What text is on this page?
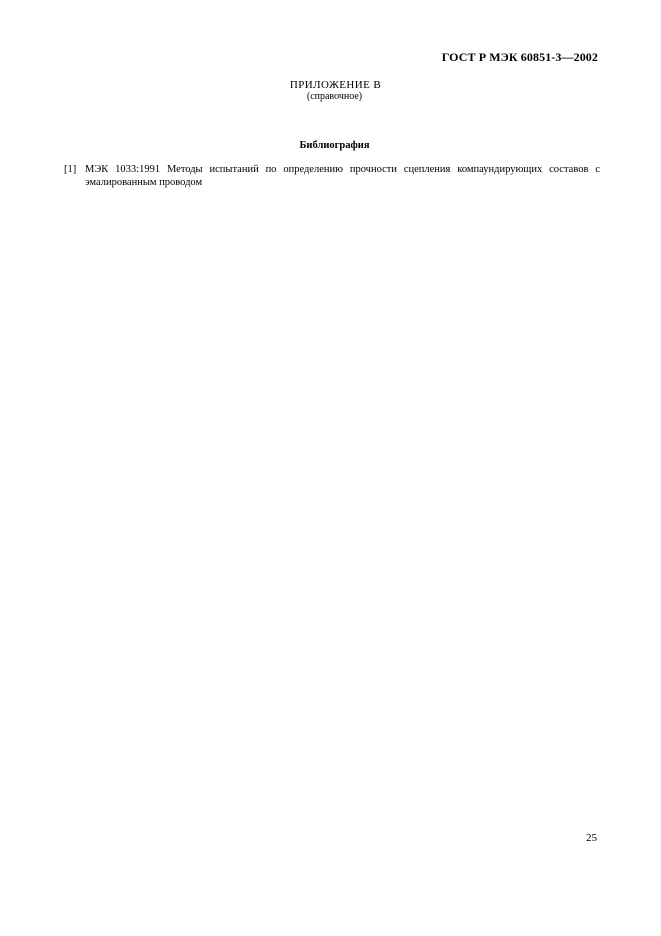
ГОСТ Р МЭК 60851-3—2002
ПРИЛОЖЕНИЕ В
(справочное)
Библиография
[1] МЭК 1033:1991 Методы испытаний по определению прочности сцепления компаундирующих составов с эмалированным проводом
25
